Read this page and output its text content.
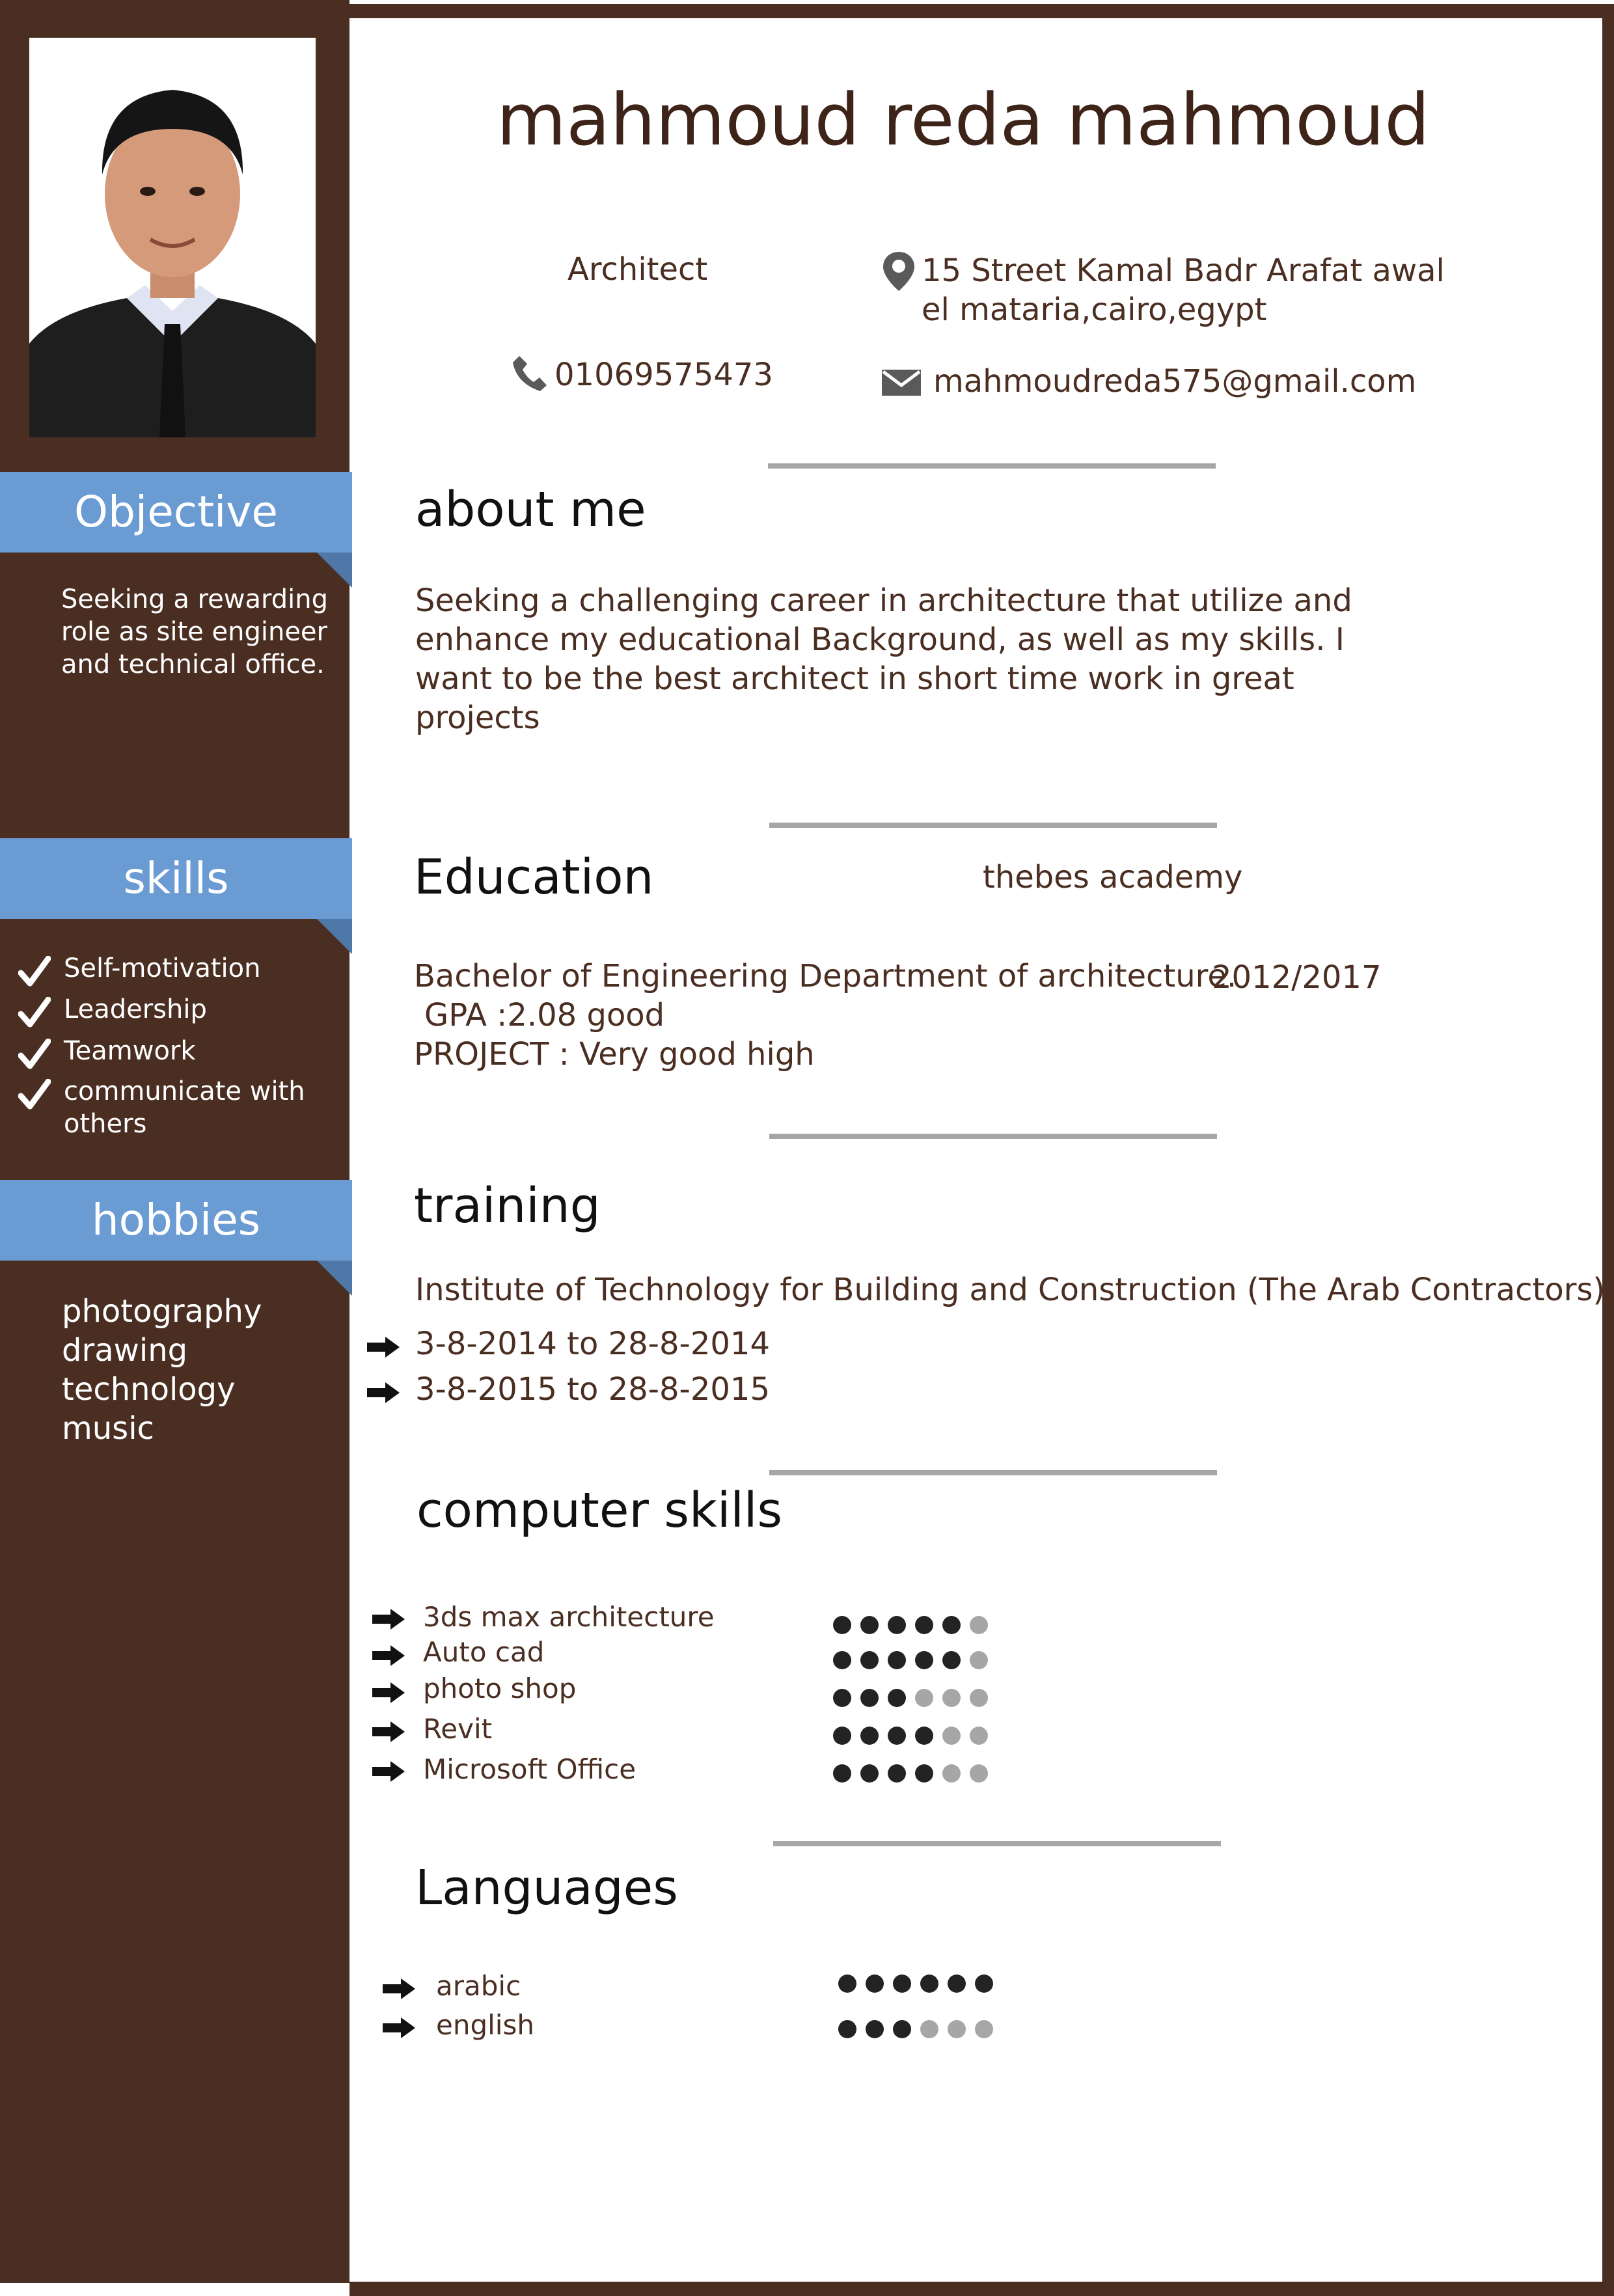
Objective
Seeking a rewarding
role as site engineer
and technical office.
skills
Self-motivation
Leadership
Teamwork
communicate with
others
hobbies
photography
drawing
technology
music
mahmoud reda mahmoud
Architect	15 Street Kamal Badr Arafat awal
el mataria,cairo,egypt
01069575473	mahmoudreda575@gmail.com
about me
Seeking a challenging career in architecture that utilize and
enhance my educational Background, as well as my skills. I
want to be the best architect in short time work in great
projects
Education	thebes academy
Bachelor of Engineering Department of architecture.
2012/2017
GPA :2.08 good
PROJECT : Very good high
training
Institute of Technology for Building and Construction (The Arab Contractors)
3-8-2014 to 28-8-2014
3-8-2015 to 28-8-2015
computer skills
3ds max architecture
Auto cad
photo shop
Revit
Microsoft Office
Languages
arabic
english
